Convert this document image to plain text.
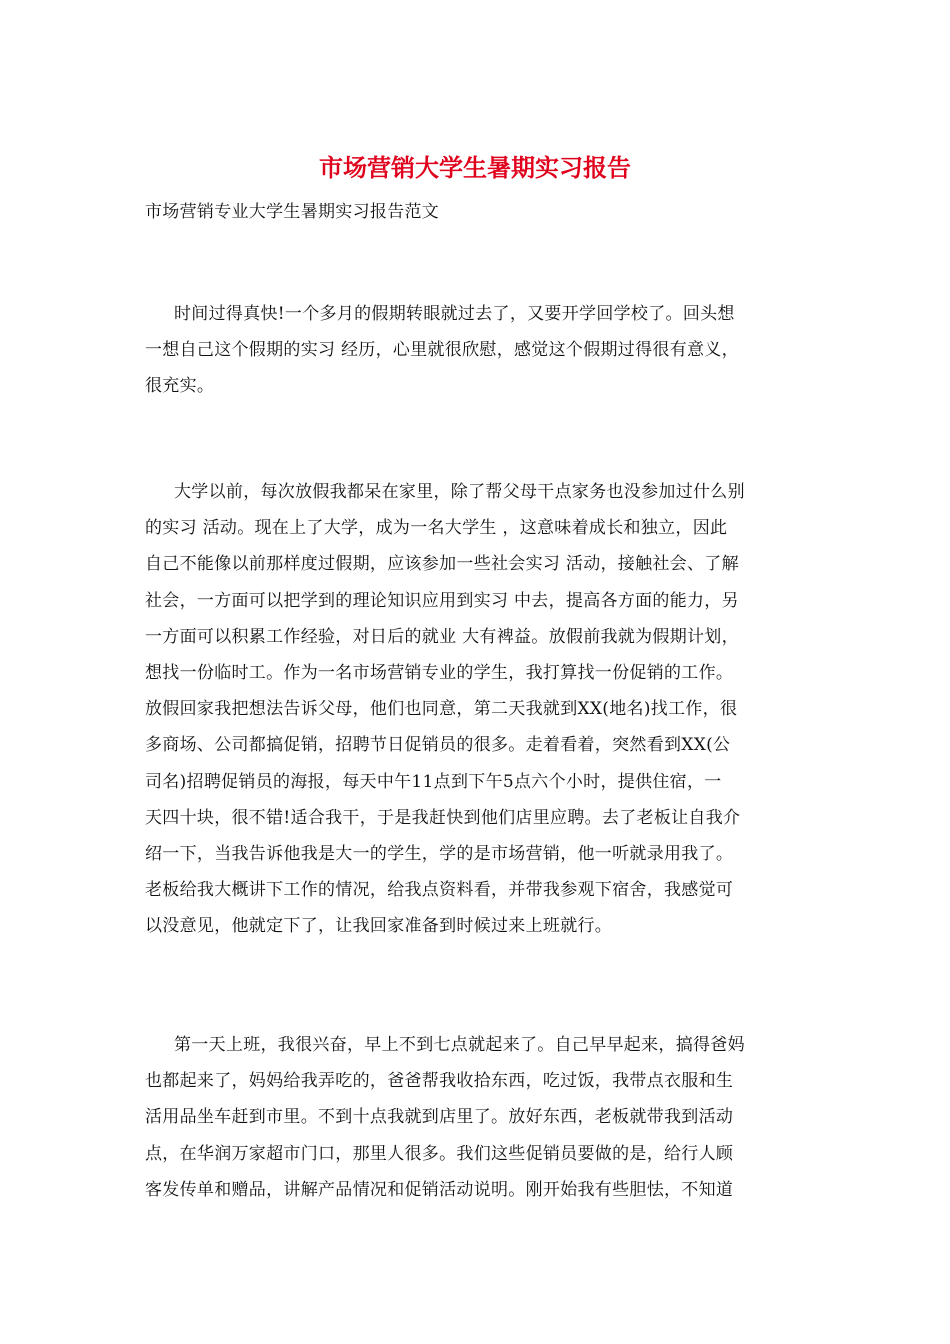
市场营销大学生暑期实习报告
市场营销专业大学生暑期实习报告范文
时间过得真快!一个多月的假期转眼就过去了，又要开学回学校了。回头想
一想自己这个假期的实习 经历，心里就很欣慰，感觉这个假期过得很有意义，
很充实。
大学以前，每次放假我都呆在家里，除了帮父母干点家务也没参加过什么别
的实习 活动。现在上了大学，成为一名大学生 ，这意味着成长和独立，因此
自己不能像以前那样度过假期，应该参加一些社会实习 活动，接触社会、了解
社会，一方面可以把学到的理论知识应用到实习 中去，提高各方面的能力，另
一方面可以积累工作经验，对日后的就业 大有裨益。放假前我就为假期计划，
想找一份临时工。作为一名市场营销专业的学生，我打算找一份促销的工作。
放假回家我把想法告诉父母，他们也同意，第二天我就到XX(地名)找工作，很
多商场、公司都搞促销，招聘节日促销员的很多。走着看着，突然看到XX(公
司名)招聘促销员的海报，每天中午11点到下午5点六个小时，提供住宿，一
天四十块，很不错!适合我干，于是我赶快到他们店里应聘。去了老板让自我介
绍一下，当我告诉他我是大一的学生，学的是市场营销，他一听就录用我了。
老板给我大概讲下工作的情况，给我点资料看，并带我参观下宿舍，我感觉可
以没意见，他就定下了，让我回家准备到时候过来上班就行。
第一天上班，我很兴奋，早上不到七点就起来了。自己早早起来，搞得爸妈
也都起来了，妈妈给我弄吃的，爸爸帮我收拾东西，吃过饭，我带点衣服和生
活用品坐车赶到市里。不到十点我就到店里了。放好东西，老板就带我到活动
点，在华润万家超市门口，那里人很多。我们这些促销员要做的是，给行人顾
客发传单和赠品，讲解产品情况和促销活动说明。刚开始我有些胆怯，不知道
